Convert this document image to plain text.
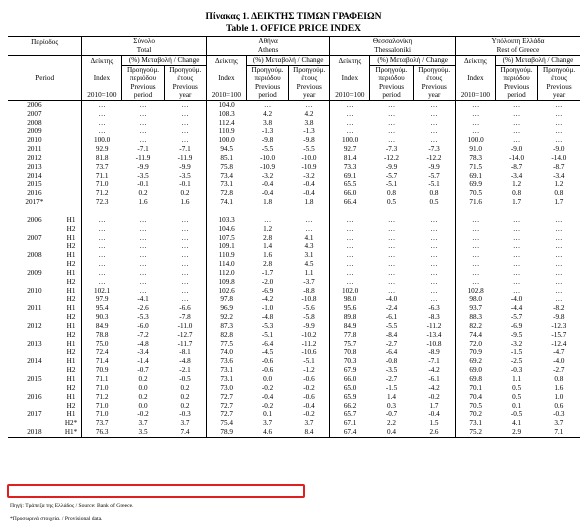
Πίνακας 1. ΔΕΙΚΤΗΣ ΤΙΜΩΝ ΓΡΑΦΕΙΩΝ
Table 1. OFFICE PRICE INDEX
Περίοδος		Σύνολο			Αθήνα			Θεσσαλονίκη			Υπόλοιπη Ελλάδα		
		Total			Athens			Thessaloniki			Rest of Greece		
		Δείκτης	(%) Μεταβολή / Change		Δείκτης	(%) Μεταβολή / Change		Δείκτης	(%) Μεταβολή / Change		Δείκτης	(%) Μεταβολή / Change	
			Προηγούμ.	Προηγούμ.		Προηγούμ.	Προηγούμ.		Προηγούμ.	Προηγούμ.		Προηγούμ.	Προηγούμ.
Period		Index	περιόδου	έτους	Index	περιόδου	έτους	Index	περιόδου	έτους	Index	περιόδου	έτους
			Previous	Previous		Previous	Previous		Previous	Previous		Previous	Previous
		2010=100	period	year	2010=100	period	year	2010=100	period	year	2010=100	period	year
2006		…	…	…	104.0	…	…	…	…	…	…	…	…
2007		…	…	…	108.3	4.2	4.2	…	…	…	…	…	…
2008		…	…	…	112.4	3.8	3.8	…	…	…	…	…	…
2009		…	…	…	110.9	-1.3	-1.3	…	…	…	…	…	…
2010		100.0	…	…	100.0	-9.8	-9.8	100.0	…	…	100.0	…	…
2011		92.9	-7.1	-7.1	94.5	-5.5	-5.5	92.7	-7.3	-7.3	91.0	-9.0	-9.0
2012		81.8	-11.9	-11.9	85.1	-10.0	-10.0	81.4	-12.2	-12.2	78.3	-14.0	-14.0
2013		73.7	-9.9	-9.9	75.8	-10.9	-10.9	73.3	-9.9	-9.9	71.5	-8.7	-8.7
2014		71.1	-3.5	-3.5	73.4	-3.2	-3.2	69.1	-5.7	-5.7	69.1	-3.4	-3.4
2015		71.0	-0.1	-0.1	73.1	-0.4	-0.4	65.5	-5.1	-5.1	69.9	1.2	1.2
2016		71.2	0.2	0.2	72.8	-0.4	-0.4	66.0	0.8	0.8	70.5	0.8	0.8
2017*		72.3	1.6	1.6	74.1	1.8	1.8	66.4	0.5	0.5	71.6	1.7	1.7

2006	H1	…	…	…	103.3	…	…	…	…	…	…	…	…
	H2	…	…	…	104.6	1.2	…	…	…	…	…	…	…
2007	H1	…	…	…	107.5	2.8	4.1	…	…	…	…	…	…
	H2	…	…	…	109.1	1.4	4.3	…	…	…	…	…	…
2008	H1	…	…	…	110.9	1.6	3.1	…	…	…	…	…	…
	H2	…	…	…	114.0	2.8	4.5	…	…	…	…	…	…
2009	H1	…	…	…	112.0	-1.7	1.1	…	…	…	…	…	…
	H2	…	…	…	109.8	-2.0	-3.7	…	…	…	…	…	…
2010	H1	102.1	…	…	102.6	-6.9	-8.8	102.0	…	…	102.8	…	…
	H2	97.9	-4.1	…	97.8	-4.2	-10.8	98.0	-4.0	…	98.0	-4.0	…
2011	H1	95.4	-2.6	-6.6	96.9	-1.0	-5.6	95.6	-2.4	-6.3	93.7	-4.4	-8.2
	H2	90.3	-5.3	-7.8	92.2	-4.8	-5.8	89.8	-6.1	-8.3	88.3	-5.7	-9.8
2012	H1	84.9	-6.0	-11.0	87.3	-5.3	-9.9	84.9	-5.5	-11.2	82.2	-6.9	-12.3
	H2	78.8	-7.2	-12.7	82.8	-5.1	-10.2	77.8	-8.4	-13.4	74.4	-9.5	-15.7
2013	H1	75.0	-4.8	-11.7	77.5	-6.4	-11.2	75.7	-2.7	-10.8	72.0	-3.2	-12.4
	H2	72.4	-3.4	-8.1	74.0	-4.5	-10.6	70.8	-6.4	-8.9	70.9	-1.5	-4.7
2014	H1	71.4	-1.4	-4.8	73.6	-0.6	-5.1	70.3	-0.8	-7.1	69.2	-2.5	-4.0
	H2	70.9	-0.7	-2.1	73.1	-0.6	-1.2	67.9	-3.5	-4.2	69.0	-0.3	-2.7
2015	H1	71.1	0.2	-0.5	73.1	0.0	-0.6	66.0	-2.7	-6.1	69.8	1.1	0.8
	H2	71.0	0.0	0.2	73.0	-0.2	-0.2	65.0	-1.5	-4.2	70.1	0.5	1.6
2016	H1	71.2	0.2	0.2	72.7	-0.4	-0.6	65.9	1.4	-0.2	70.4	0.5	1.0
	H2	71.0	0.0	0.2	72.7	-0.2	-0.4	66.2	0.3	1.7	70.5	0.1	0.6
2017	H1	71.0	-0.2	-0.3	72.7	0.1	-0.2	65.7	-0.7	-0.4	70.2	-0.5	-0.3
	H2*	73.7	3.7	3.7	75.4	3.7	3.7	67.1	2.2	1.5	73.1	4.1	3.7
2018	H1*	76.3	3.5	7.4	78.9	4.6	8.4	67.4	0.4	2.6	75.2	2.9	7.1
Πηγή: Τράπεζα της Ελλάδος / Source: Bank of Greece.
*Προσωρινά στοιχεία. / Provisional data.
